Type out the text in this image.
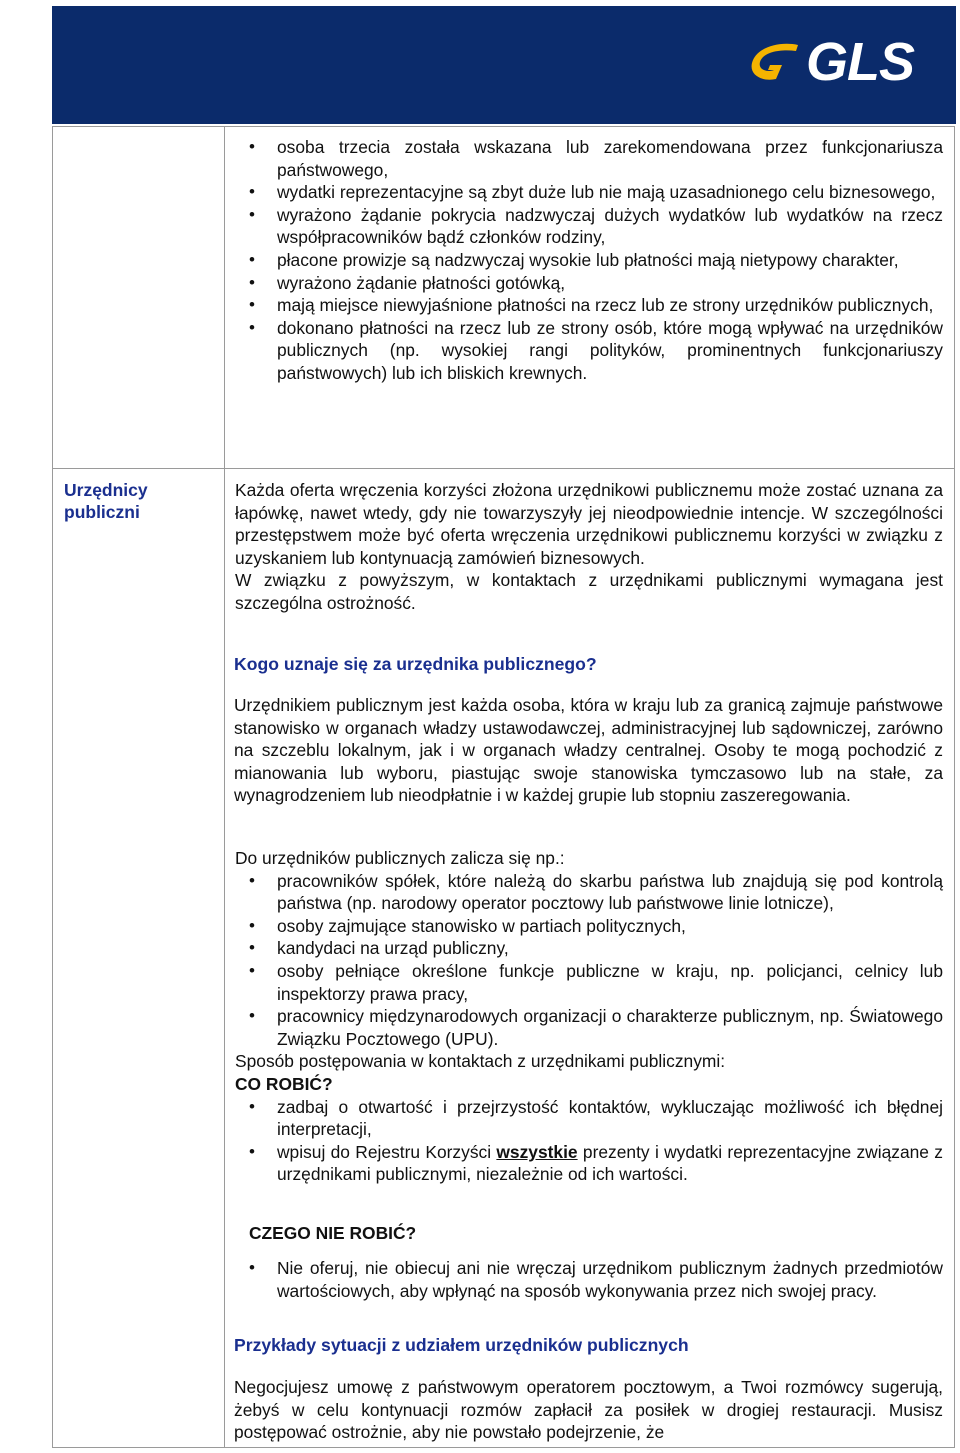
GLS
Urzędnicy publiczni
• osoba trzecia została wskazana lub zarekomendowana przez funkcjonariusza państwowego,
• wydatki reprezentacyjne są zbyt duże lub nie mają uzasadnionego celu biznesowego,
• wyrażono żądanie pokrycia nadzwyczaj dużych wydatków lub wydatków na rzecz współpracowników bądź członków rodziny,
• płacone prowizje są nadzwyczaj wysokie lub płatności mają nietypowy charakter,
• wyrażono żądanie płatności gotówką,
• mają miejsce niewyjaśnione płatności na rzecz lub ze strony urzędników publicznych,
• dokonano płatności na rzecz lub ze strony osób, które mogą wpływać na urzędników publicznych (np. wysokiej rangi polityków, prominentnych funkcjonariuszy państwowych) lub ich bliskich krewnych.

Każda oferta wręczenia korzyści złożona urzędnikowi publicznemu może zostać uznana za łapówkę, nawet wtedy, gdy nie towarzyszyły jej nieodpowiednie intencje. W szczególności przestępstwem może być oferta wręczenia urzędnikowi publicznemu korzyści w związku z uzyskaniem lub kontynuacją zamówień biznesowych.

W związku z powyższym, w kontaktach z urzędnikami publicznymi wymagana jest szczególna ostrożność.

Kogo uznaje się za urzędnika publicznego?
Urzędnikiem publicznym jest każda osoba, która w kraju lub za granicą zajmuje państwowe stanowisko w organach władzy ustawodawczej, administracyjnej lub sądowniczej, zarówno na szczeblu lokalnym, jak i w organach władzy centralnej. Osoby te mogą pochodzić z mianowania lub wyboru, piastując swoje stanowiska tymczasowo lub na stałe, za wynagrodzeniem lub nieodpłatnie i w każdej grupie lub stopniu zaszeregowania.

Do urzędników publicznych zalicza się np.:

• pracowników spółek, które należą do skarbu państwa lub znajdują się pod kontrolą państwa (np. narodowy operator pocztowy lub państwowe linie lotnicze),
• osoby zajmujące stanowisko w partiach politycznych,
• kandydaci na urząd publiczny,
• osoby pełniące określone funkcje publiczne w kraju, np. policjanci, celnicy lub inspektorzy prawa pracy,
• pracownicy międzynarodowych organizacji o charakterze publicznym, np. Światowego Związku Pocztowego (UPU).

Sposób postępowania w kontaktach z urzędnikami publicznymi:

CO ROBIĆ?

• zadbaj o otwartość i przejrzystość kontaktów, wykluczając możliwość ich błędnej interpretacji,
• wpisuj do Rejestru Korzyści wszystkie prezenty i wydatki reprezentacyjne związane z urzędnikami publicznymi, niezależnie od ich wartości.
CZEGO NIE ROBIĆ?
• Nie oferuj, nie obiecuj ani nie wręczaj urzędnikom publicznym żadnych przedmiotów wartościowych, aby wpłynąć na sposób wykonywania przez nich swojej pracy.
Przykłady sytuacji z udziałem urzędników publicznych
Negocjujesz umowę z państwowym operatorem pocztowym, a Twoi rozmówcy sugerują, żebyś w celu kontynuacji rozmów zapłacił za posiłek w drogiej restauracji. Musisz postępować ostrożnie, aby nie powstało podejrzenie, że
